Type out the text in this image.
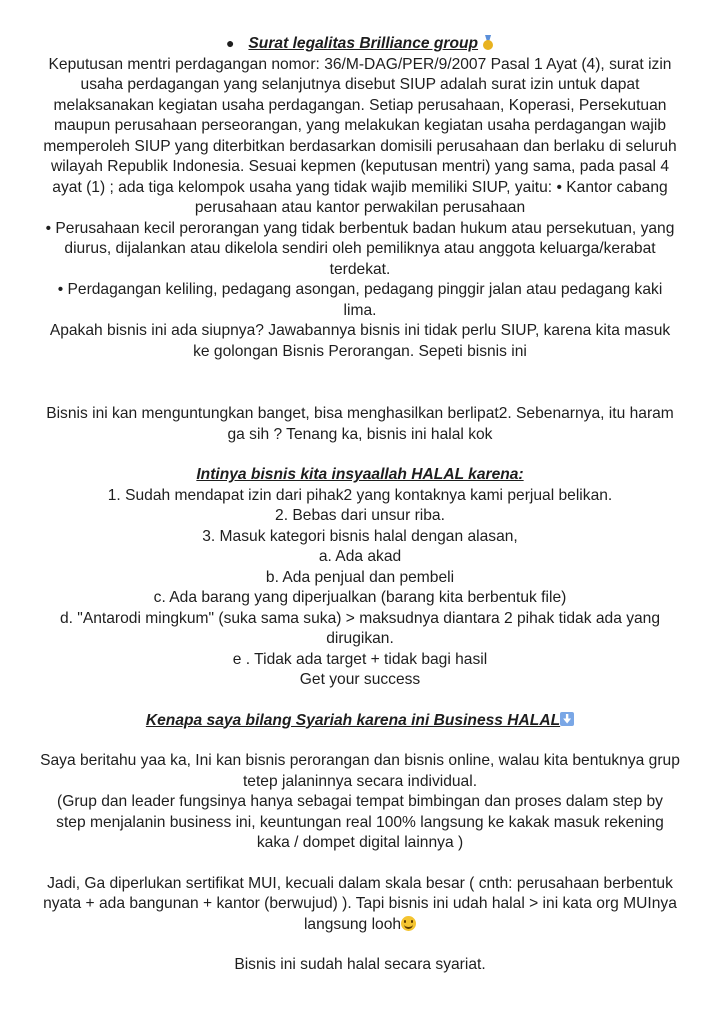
● Surat legalitas Brilliance group
Keputusan mentri perdagangan nomor: 36/M-DAG/PER/9/2007 Pasal 1 Ayat (4), surat izin
usaha perdagangan yang selanjutnya disebut SIUP adalah surat izin untuk dapat
melaksanakan kegiatan usaha perdagangan. Setiap perusahaan, Koperasi, Persekutuan
maupun perusahaan perseorangan, yang melakukan kegiatan usaha perdagangan wajib
memperoleh SIUP yang diterbitkan berdasarkan domisili perusahaan dan berlaku di seluruh
wilayah Republik Indonesia. Sesuai kepmen (keputusan mentri) yang sama, pada pasal 4
ayat (1) ; ada tiga kelompok usaha yang tidak wajib memiliki SIUP, yaitu: • Kantor cabang
perusahaan atau kantor perwakilan perusahaan
• Perusahaan kecil perorangan yang tidak berbentuk badan hukum atau persekutuan, yang
diurus, dijalankan atau dikelola sendiri oleh pemiliknya atau anggota keluarga/kerabat
terdekat.
• Perdagangan keliling, pedagang asongan, pedagang pinggir jalan atau pedagang kaki
lima.
Apakah bisnis ini ada siupnya? Jawabannya bisnis ini tidak perlu SIUP, karena kita masuk
ke golongan Bisnis Perorangan. Sepeti bisnis ini
Bisnis ini kan menguntungkan banget, bisa menghasilkan berlipat2. Sebenarnya, itu haram
ga sih ? Tenang ka, bisnis ini halal kok
Intinya bisnis kita insyaallah HALAL karena:
1. Sudah mendapat izin dari pihak2 yang kontaknya kami perjual belikan.
2. Bebas dari unsur riba.
3. Masuk kategori bisnis halal dengan alasan,
a. Ada akad
b. Ada penjual dan pembeli
c. Ada barang yang diperjualkan (barang kita berbentuk file)
d. "Antarodi mingkum" (suka sama suka) > maksudnya diantara 2 pihak tidak ada yang
dirugikan.
e . Tidak ada target + tidak bagi hasil
Get your success
Kenapa saya bilang Syariah karena ini Business HALAL
Saya beritahu yaa ka, Ini kan bisnis perorangan dan bisnis online, walau kita bentuknya grup
tetep jalaninnya secara individual.
(Grup dan leader fungsinya hanya sebagai tempat bimbingan dan proses dalam step by
step menjalanin business ini, keuntungan real 100% langsung ke kakak masuk rekening
kaka / dompet digital lainnya )
Jadi, Ga diperlukan sertifikat MUI, kecuali dalam skala besar ( cnth: perusahaan berbentuk
nyata + ada bangunan + kantor (berwujud) ). Tapi bisnis ini udah halal > ini kata org MUInya
langsung looh
Bisnis ini sudah halal secara syariat.
